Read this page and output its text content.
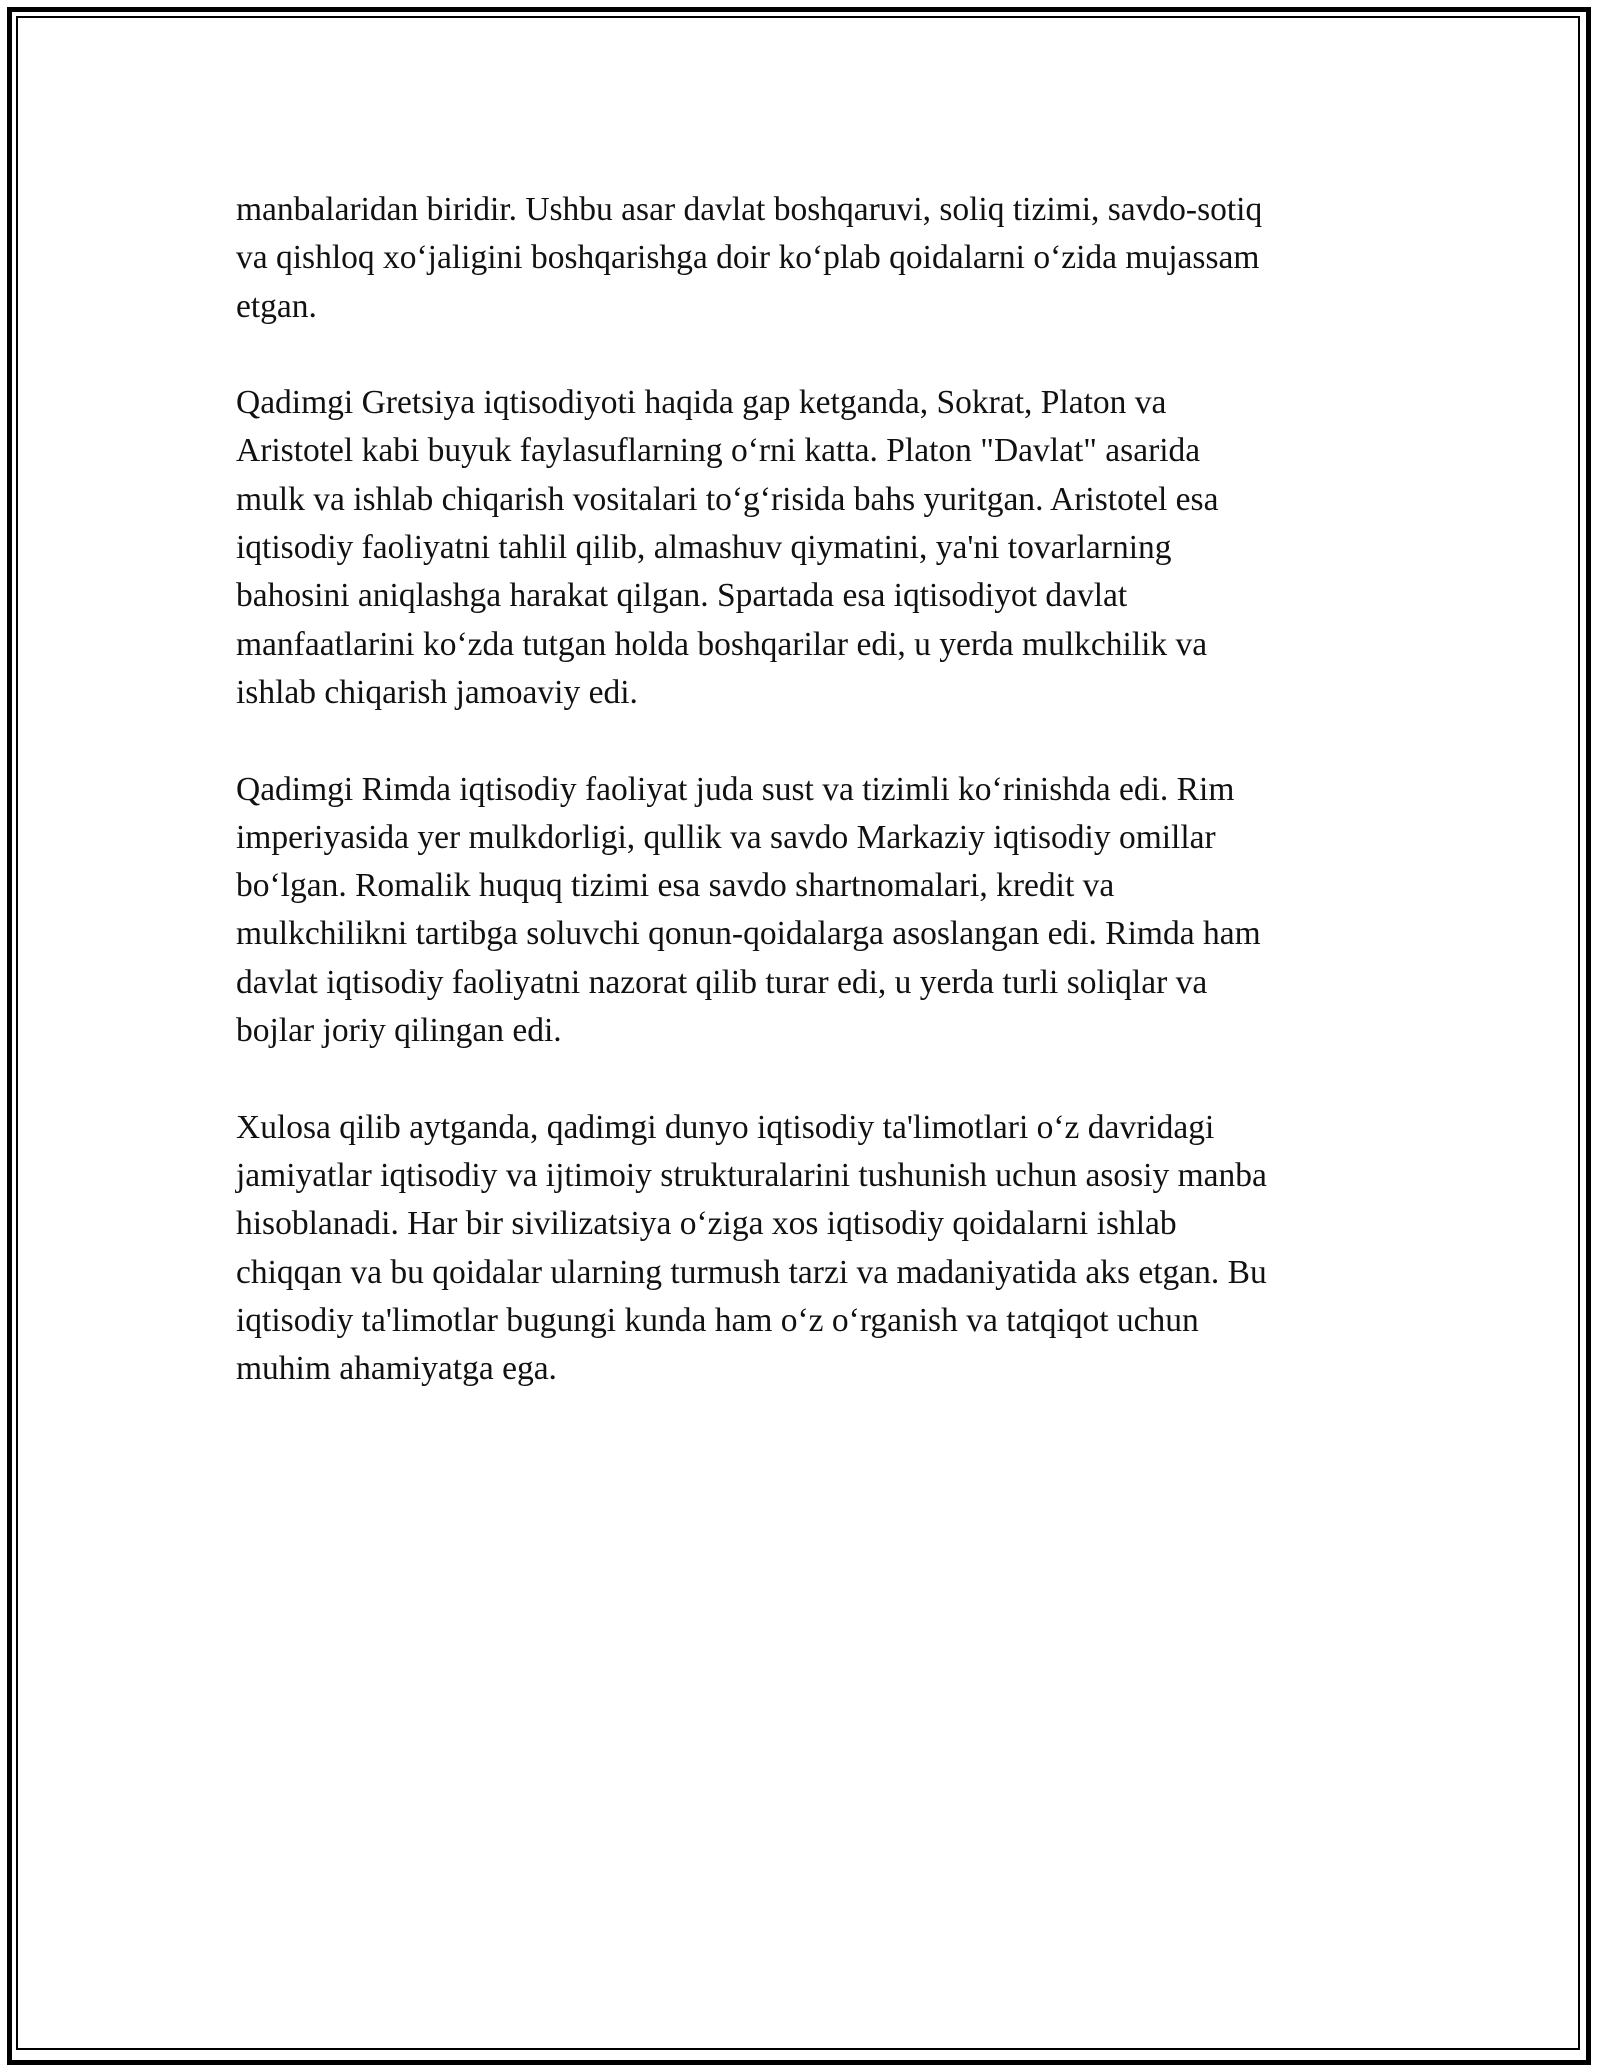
manbalaridan biridir. Ushbu asar davlat boshqaruvi, soliq tizimi, savdo-sotiq
va qishloq xo‘jaligini boshqarishga doir ko‘plab qoidalarni o‘zida mujassam
etgan.

Qadimgi Gretsiya iqtisodiyoti haqida gap ketganda, Sokrat, Platon va
Aristotel kabi buyuk faylasuflarning o‘rni katta. Platon "Davlat" asarida
mulk va ishlab chiqarish vositalari to‘g‘risida bahs yuritgan. Aristotel esa
iqtisodiy faoliyatni tahlil qilib, almashuv qiymatini, ya'ni tovarlarning
bahosini aniqlashga harakat qilgan. Spartada esa iqtisodiyot davlat
manfaatlarini ko‘zda tutgan holda boshqarilar edi, u yerda mulkchilik va
ishlab chiqarish jamoaviy edi.

Qadimgi Rimda iqtisodiy faoliyat juda sust va tizimli ko‘rinishda edi. Rim
imperiyasida yer mulkdorligi, qullik va savdo Markaziy iqtisodiy omillar
bo‘lgan. Romalik huquq tizimi esa savdo shartnomalari, kredit va
mulkchilikni tartibga soluvchi qonun-qoidalarga asoslangan edi. Rimda ham
davlat iqtisodiy faoliyatni nazorat qilib turar edi, u yerda turli soliqlar va
bojlar joriy qilingan edi.

Xulosa qilib aytganda, qadimgi dunyo iqtisodiy ta'limotlari o‘z davridagi
jamiyatlar iqtisodiy va ijtimoiy strukturalarini tushunish uchun asosiy manba
hisoblanadi. Har bir sivilizatsiya o‘ziga xos iqtisodiy qoidalarni ishlab
chiqqan va bu qoidalar ularning turmush tarzi va madaniyatida aks etgan. Bu
iqtisodiy ta'limotlar bugungi kunda ham o‘z o‘rganish va tatqiqot uchun
muhim ahamiyatga ega.
